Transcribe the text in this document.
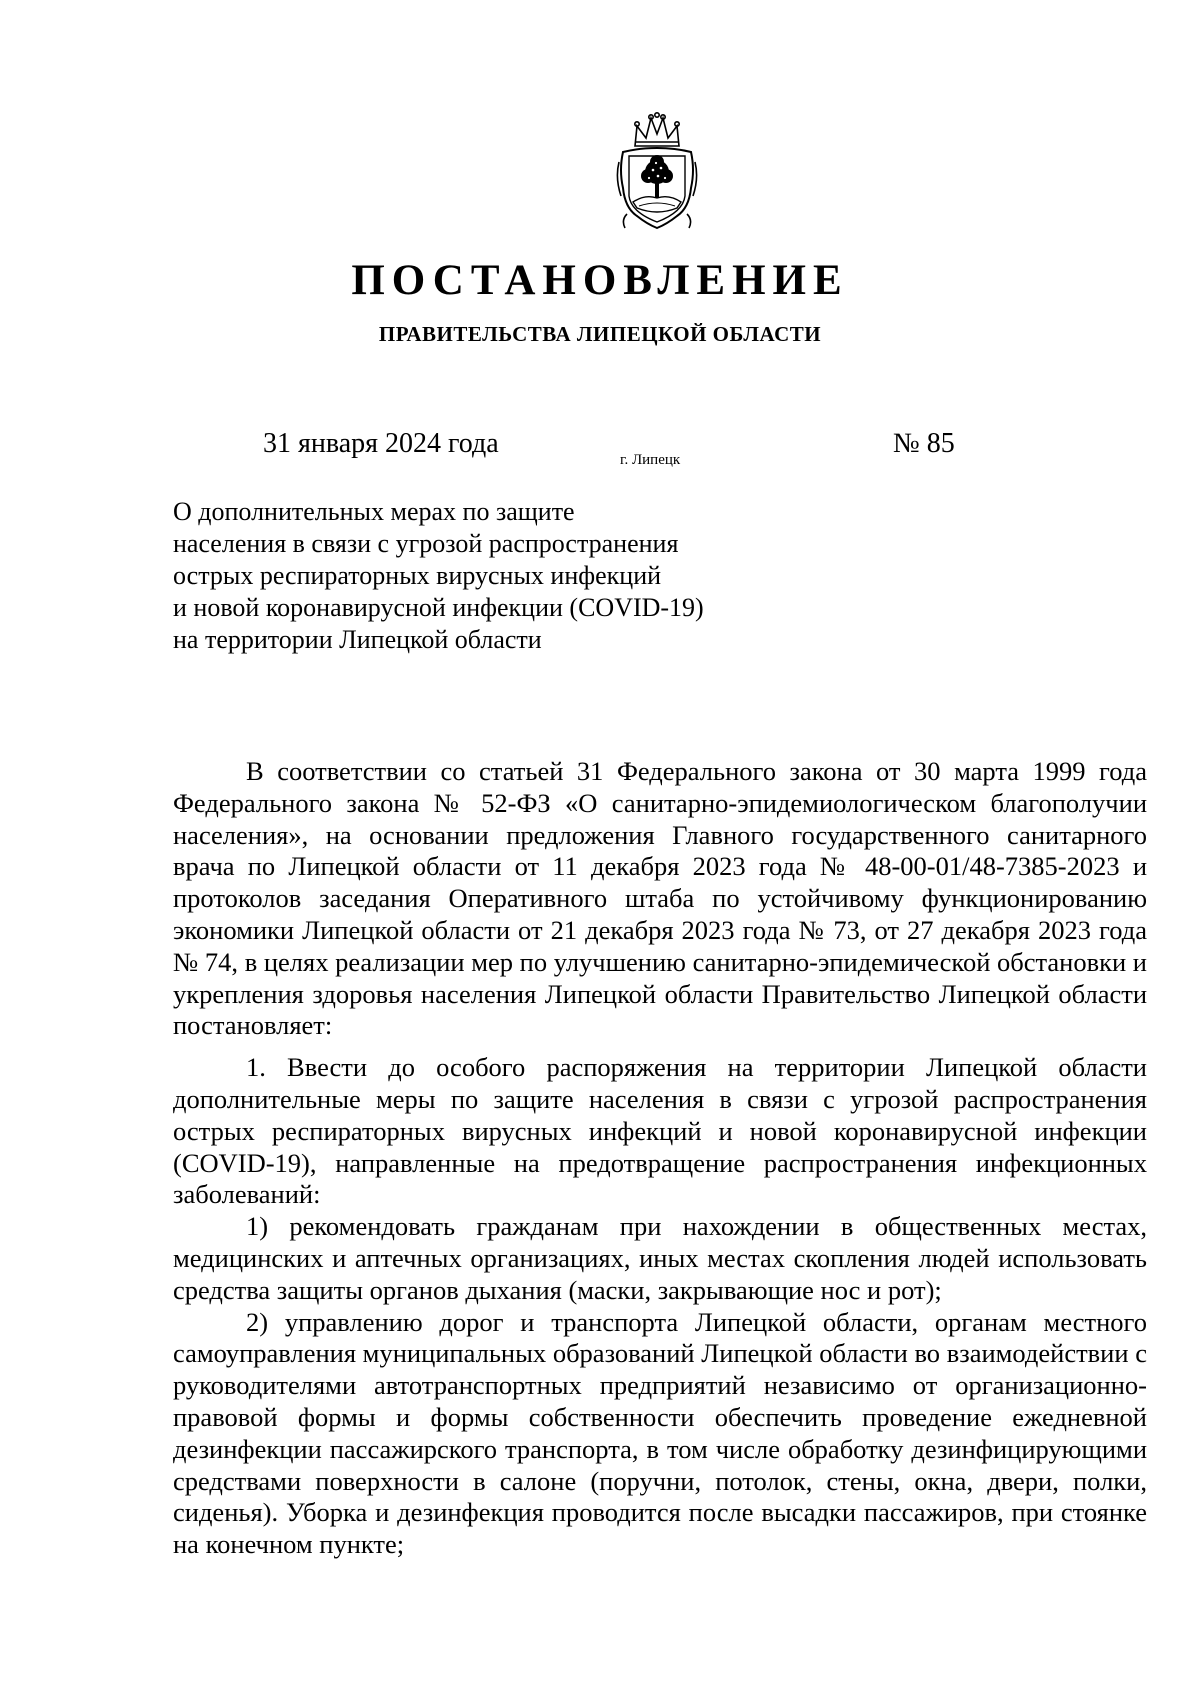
ПОСТАНОВЛЕНИЕ
ПРАВИТЕЛЬСТВА ЛИПЕЦКОЙ ОБЛАСТИ
31 января 2024 года
г. Липецк
№ 85

О дополнительных мерах по защите
населения в связи с угрозой распространения
острых респираторных вирусных инфекций
и новой коронавирусной инфекции (COVID-19)
на территории Липецкой области

В соответствии со статьей 31 Федерального закона от 30 марта 1999 года Федерального закона № 52-ФЗ «О санитарно-эпидемиологическом благополучии населения», на основании предложения Главного государственного санитарного врача по Липецкой области от 11 декабря 2023 года № 48-00-01/48-7385-2023 и протоколов заседания Оперативного штаба по устойчивому функционированию экономики Липецкой области от 21 декабря 2023 года № 73, от 27 декабря 2023 года № 74, в целях реализации мер по улучшению санитарно-эпидемической обстановки и укрепления здоровья населения Липецкой области Правительство Липецкой области постановляет:

1. Ввести до особого распоряжения на территории Липецкой области дополнительные меры по защите населения в связи с угрозой распространения острых респираторных вирусных инфекций и новой коронавирусной инфекции (COVID-19), направленные на предотвращение распространения инфекционных заболеваний:

1) рекомендовать гражданам при нахождении в общественных местах, медицинских и аптечных организациях, иных местах скопления людей использовать средства защиты органов дыхания (маски, закрывающие нос и рот);

2) управлению дорог и транспорта Липецкой области, органам местного самоуправления муниципальных образований Липецкой области во взаимодействии с руководителями автотранспортных предприятий независимо от организационно-правовой формы и формы собственности обеспечить проведение ежедневной дезинфекции пассажирского транспорта, в том числе обработку дезинфицирующими средствами поверхности в салоне (поручни, потолок, стены, окна, двери, полки, сиденья). Уборка и дезинфекция проводится после высадки пассажиров, при стоянке на конечном пункте;
